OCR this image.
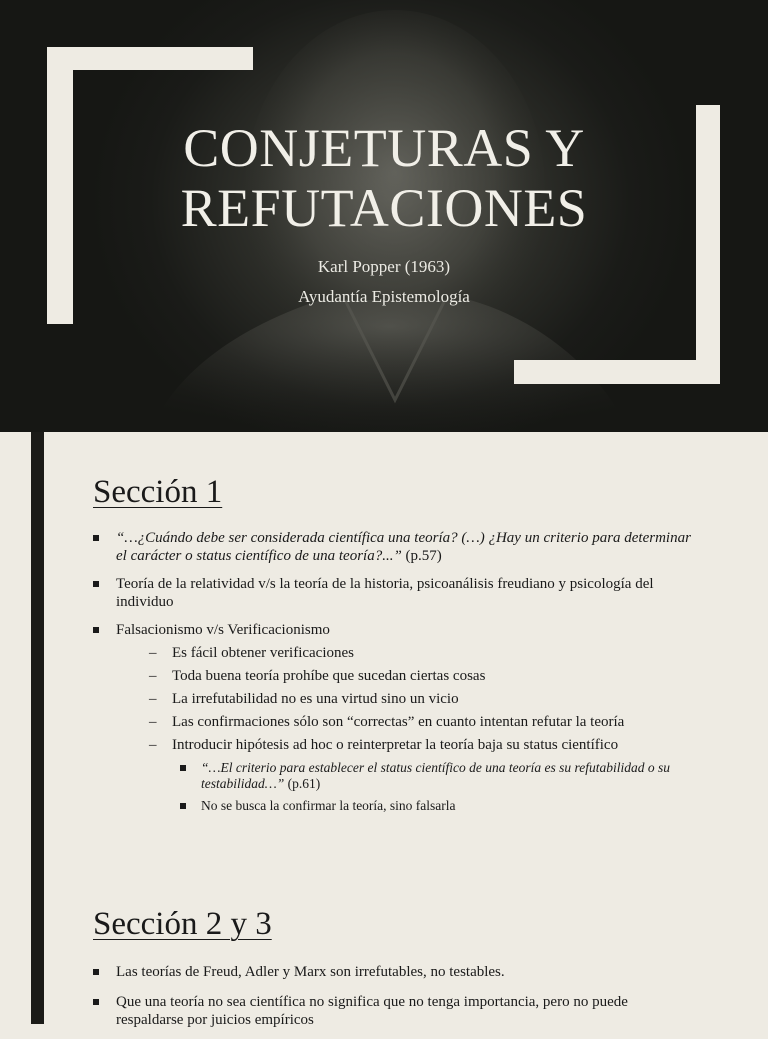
CONJETURAS Y
REFUTACIONES
Karl Popper (1963)
Ayudantía Epistemología
Sección 1
“…¿Cuándo debe ser considerada científica una teoría? (…) ¿Hay un criterio para determinar el carácter o status científico de una teoría?...” (p.57)
Teoría de la relatividad v/s la teoría de la historia, psicoanálisis freudiano y psicología del individuo
Falsacionismo v/s Verificacionismo
– Es fácil obtener verificaciones
– Toda buena teoría prohíbe que sucedan ciertas cosas
– La irrefutabilidad no es una virtud sino un vicio
– Las confirmaciones sólo son “correctas” en cuanto intentan refutar la teoría
– Introducir hipótesis ad hoc o reinterpretar la teoría baja su status científico
“…El criterio para establecer el status científico de una teoría es su refutabilidad o su testabilidad…” (p.61)
No se busca la confirmar la teoría, sino falsarla
Sección 2 y 3
Las teorías de Freud, Adler y Marx son irrefutables, no testables.
Que una teoría no sea científica no significa que no tenga importancia, pero no puede respaldarse por juicios empíricos
